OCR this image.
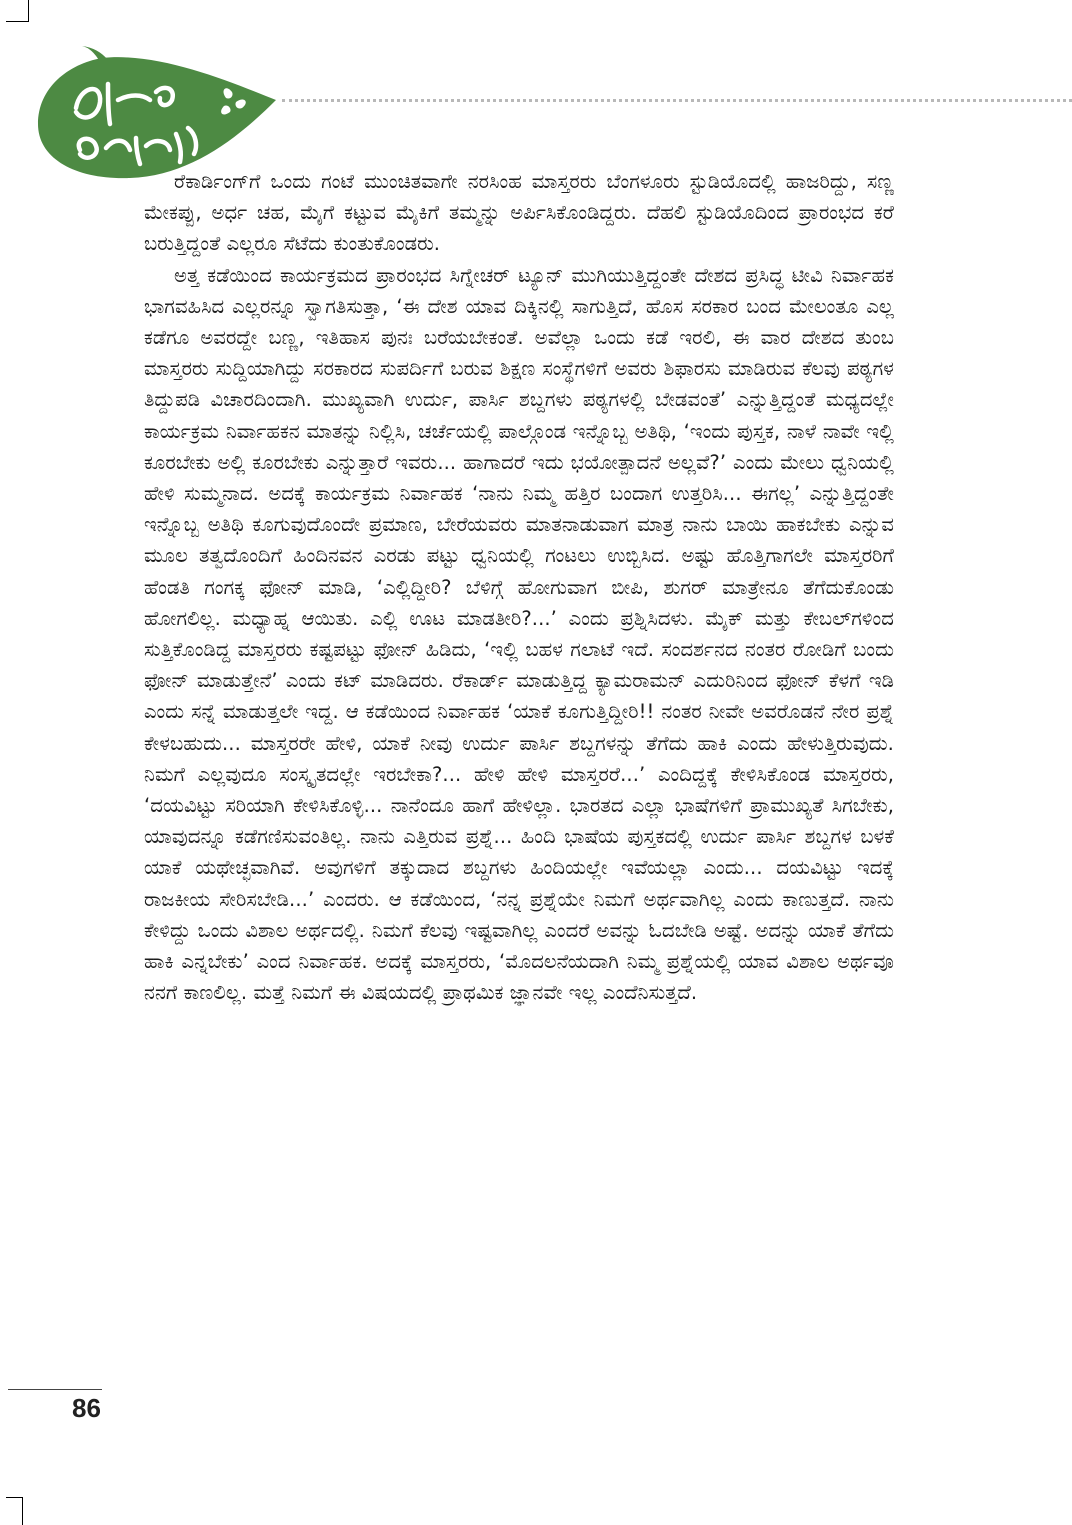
ರೆಕಾರ್ಡಿಂಗ್‌ಗೆ ಒಂದು ಗಂಟೆ ಮುಂಚಿತವಾಗೇ ನರಸಿಂಹ ಮಾಸ್ತರರು ಬೆಂಗಳೂರು ಸ್ಟುಡಿಯೊದಲ್ಲಿ ಹಾಜರಿದ್ದು, ಸಣ್ಣ ಮೇಕಪ್ಪು, ಅರ್ಧ ಚಹ, ಮೈಗೆ ಕಟ್ಟುವ ಮೈಕಿಗೆ ತಮ್ಮನ್ನು ಅರ್ಪಿಸಿಕೊಂಡಿದ್ದರು. ದೆಹಲಿ ಸ್ಟುಡಿಯೊದಿಂದ ಪ್ರಾರಂಭದ ಕರೆ ಬರುತ್ತಿದ್ದಂತೆ ಎಲ್ಲರೂ ಸೆಟೆದು ಕುಂತುಕೊಂಡರು.

ಅತ್ತ ಕಡೆಯಿಂದ ಕಾರ್ಯಕ್ರಮದ ಪ್ರಾರಂಭದ ಸಿಗ್ನೇಚರ್ ಟ್ಯೂನ್ ಮುಗಿಯುತ್ತಿದ್ದಂತೇ ದೇಶದ ಪ್ರಸಿದ್ಧ ಟೀವಿ ನಿರ್ವಾಹಕ ಭಾಗವಹಿಸಿದ ಎಲ್ಲರನ್ನೂ ಸ್ವಾಗತಿಸುತ್ತಾ, ‘ಈ ದೇಶ ಯಾವ ದಿಕ್ಕಿನಲ್ಲಿ ಸಾಗುತ್ತಿದೆ, ಹೊಸ ಸರಕಾರ ಬಂದ ಮೇಲಂತೂ ಎಲ್ಲ ಕಡೆಗೂ ಅವರದ್ದೇ ಬಣ್ಣ, ಇತಿಹಾಸ ಪುನಃ ಬರೆಯಬೇಕಂತೆ. ಅವೆಲ್ಲಾ ಒಂದು ಕಡೆ ಇರಲಿ, ಈ ವಾರ ದೇಶದ ತುಂಬ ಮಾಸ್ತರರು ಸುದ್ದಿಯಾಗಿದ್ದು ಸರಕಾರದ ಸುಪರ್ದಿಗೆ ಬರುವ ಶಿಕ್ಷಣ ಸಂಸ್ಥೆಗಳಿಗೆ ಅವರು ಶಿಫಾರಸು ಮಾಡಿರುವ ಕೆಲವು ಪಠ್ಯಗಳ ತಿದ್ದುಪಡಿ ವಿಚಾರದಿಂದಾಗಿ. ಮುಖ್ಯವಾಗಿ ಉರ್ದು, ಪಾರ್ಸಿ ಶಬ್ದಗಳು ಪಠ್ಯಗಳಲ್ಲಿ ಬೇಡವಂತೆ’ ಎನ್ನುತ್ತಿದ್ದಂತೆ ಮಧ್ಯದಲ್ಲೇ ಕಾರ್ಯಕ್ರಮ ನಿರ್ವಾಹಕನ ಮಾತನ್ನು ನಿಲ್ಲಿಸಿ, ಚರ್ಚೆಯಲ್ಲಿ ಪಾಲ್ಗೊಂಡ ಇನ್ನೊಬ್ಬ ಅತಿಥಿ, ‘ಇಂದು ಪುಸ್ತಕ, ನಾಳೆ ನಾವೇ ಇಲ್ಲಿ ಕೂರಬೇಕು ಅಲ್ಲಿ ಕೂರಬೇಕು ಎನ್ನುತ್ತಾರೆ ಇವರು... ಹಾಗಾದರೆ ಇದು ಭಯೋತ್ಪಾದನೆ ಅಲ್ಲವೆ?’ ಎಂದು ಮೇಲು ಧ್ವನಿಯಲ್ಲಿ ಹೇಳಿ ಸುಮ್ಮನಾದ. ಅದಕ್ಕೆ ಕಾರ್ಯಕ್ರಮ ನಿರ್ವಾಹಕ ‘ನಾನು ನಿಮ್ಮ ಹತ್ತಿರ ಬಂದಾಗ ಉತ್ತರಿಸಿ... ಈಗಲ್ಲ’ ಎನ್ನುತ್ತಿದ್ದಂತೇ ಇನ್ನೊಬ್ಬ ಅತಿಥಿ ಕೂಗುವುದೊಂದೇ ಪ್ರಮಾಣ, ಬೇರೆಯವರು ಮಾತನಾಡುವಾಗ ಮಾತ್ರ ನಾನು ಬಾಯಿ ಹಾಕಬೇಕು ಎನ್ನುವ ಮೂಲ ತತ್ವದೊಂದಿಗೆ ಹಿಂದಿನವನ ಎರಡು ಪಟ್ಟು ಧ್ವನಿಯಲ್ಲಿ ಗಂಟಲು ಉಬ್ಬಿಸಿದ. ಅಷ್ಟು ಹೊತ್ತಿಗಾಗಲೇ ಮಾಸ್ತರರಿಗೆ ಹೆಂಡತಿ ಗಂಗಕ್ಕ ಫೋನ್ ಮಾಡಿ, ‘ಎಲ್ಲಿದ್ದೀರಿ? ಬೆಳಿಗ್ಗೆ ಹೋಗುವಾಗ ಬೀಪಿ, ಶುಗರ್ ಮಾತ್ರೇನೂ ತೆಗೆದುಕೊಂಡು ಹೋಗಲಿಲ್ಲ. ಮಧ್ಯಾಹ್ನ ಆಯಿತು. ಎಲ್ಲಿ ಊಟ ಮಾಡತೀರಿ?...’ ಎಂದು ಪ್ರಶ್ನಿಸಿದಳು. ಮೈಕ್ ಮತ್ತು ಕೇಬಲ್‌ಗಳಿಂದ ಸುತ್ತಿಕೊಂಡಿದ್ದ ಮಾಸ್ತರರು ಕಷ್ಟಪಟ್ಟು ಫೋನ್ ಹಿಡಿದು, ‘ಇಲ್ಲಿ ಬಹಳ ಗಲಾಟೆ ಇದೆ. ಸಂದರ್ಶನದ ನಂತರ ರೋಡಿಗೆ ಬಂದು ಫೋನ್ ಮಾಡುತ್ತೇನೆ’ ಎಂದು ಕಟ್ ಮಾಡಿದರು. ರೆಕಾರ್ಡ್ ಮಾಡುತ್ತಿದ್ದ ಕ್ಯಾಮರಾಮನ್ ಎದುರಿನಿಂದ ಫೋನ್ ಕೆಳಗೆ ಇಡಿ ಎಂದು ಸನ್ನೆ ಮಾಡುತ್ತಲೇ ಇದ್ದ. ಆ ಕಡೆಯಿಂದ ನಿರ್ವಾಹಕ ‘ಯಾಕೆ ಕೂಗುತ್ತಿದ್ದೀರಿ!! ನಂತರ ನೀವೇ ಅವರೊಡನೆ ನೇರ ಪ್ರಶ್ನೆ ಕೇಳಬಹುದು... ಮಾಸ್ತರರೇ ಹೇಳಿ, ಯಾಕೆ ನೀವು ಉರ್ದು ಪಾರ್ಸಿ ಶಬ್ದಗಳನ್ನು ತೆಗೆದು ಹಾಕಿ ಎಂದು ಹೇಳುತ್ತಿರುವುದು. ನಿಮಗೆ ಎಲ್ಲವುದೂ ಸಂಸ್ಕೃತದಲ್ಲೇ ಇರಬೇಕಾ?... ಹೇಳಿ ಹೇಳಿ ಮಾಸ್ತರರೆ...’ ಎಂದಿದ್ದಕ್ಕೆ ಕೇಳಿಸಿಕೊಂಡ ಮಾಸ್ತರರು, ‘ದಯವಿಟ್ಟು ಸರಿಯಾಗಿ ಕೇಳಿಸಿಕೊಳ್ಳಿ... ನಾನೆಂದೂ ಹಾಗೆ ಹೇಳಿಲ್ಲಾ. ಭಾರತದ ಎಲ್ಲಾ ಭಾಷೆಗಳಿಗೆ ಪ್ರಾಮುಖ್ಯತೆ ಸಿಗಬೇಕು, ಯಾವುದನ್ನೂ ಕಡೆಗಣಿಸುವಂತಿಲ್ಲ. ನಾನು ಎತ್ತಿರುವ ಪ್ರಶ್ನೆ... ಹಿಂದಿ ಭಾಷೆಯ ಪುಸ್ತಕದಲ್ಲಿ ಉರ್ದು ಪಾರ್ಸಿ ಶಬ್ದಗಳ ಬಳಕೆ ಯಾಕೆ ಯಥೇಚ್ಛವಾಗಿವೆ. ಅವುಗಳಿಗೆ ತಕ್ಕುದಾದ ಶಬ್ದಗಳು ಹಿಂದಿಯಲ್ಲೇ ಇವೆಯಲ್ಲಾ ಎಂದು... ದಯವಿಟ್ಟು ಇದಕ್ಕೆ ರಾಜಕೀಯ ಸೇರಿಸಬೇಡಿ...’ ಎಂದರು. ಆ ಕಡೆಯಿಂದ, ‘ನನ್ನ ಪ್ರಶ್ನೆಯೇ ನಿಮಗೆ ಅರ್ಥವಾಗಿಲ್ಲ ಎಂದು ಕಾಣುತ್ತದೆ. ನಾನು ಕೇಳಿದ್ದು ಒಂದು ವಿಶಾಲ ಅರ್ಥದಲ್ಲಿ. ನಿಮಗೆ ಕೆಲವು ಇಷ್ಟವಾಗಿಲ್ಲ ಎಂದರೆ ಅವನ್ನು ಓದಬೇಡಿ ಅಷ್ಟೆ. ಅದನ್ನು ಯಾಕೆ ತೆಗೆದು ಹಾಕಿ ಎನ್ನಬೇಕು’ ಎಂದ ನಿರ್ವಾಹಕ. ಅದಕ್ಕೆ ಮಾಸ್ತರರು, ‘ಮೊದಲನೆಯದಾಗಿ ನಿಮ್ಮ ಪ್ರಶ್ನೆಯಲ್ಲಿ ಯಾವ ವಿಶಾಲ ಅರ್ಥವೂ ನನಗೆ ಕಾಣಲಿಲ್ಲ. ಮತ್ತೆ ನಿಮಗೆ ಈ ವಿಷಯದಲ್ಲಿ ಪ್ರಾಥಮಿಕ ಜ್ಞಾನವೇ ಇಲ್ಲ ಎಂದೆನಿಸುತ್ತದೆ.

86
